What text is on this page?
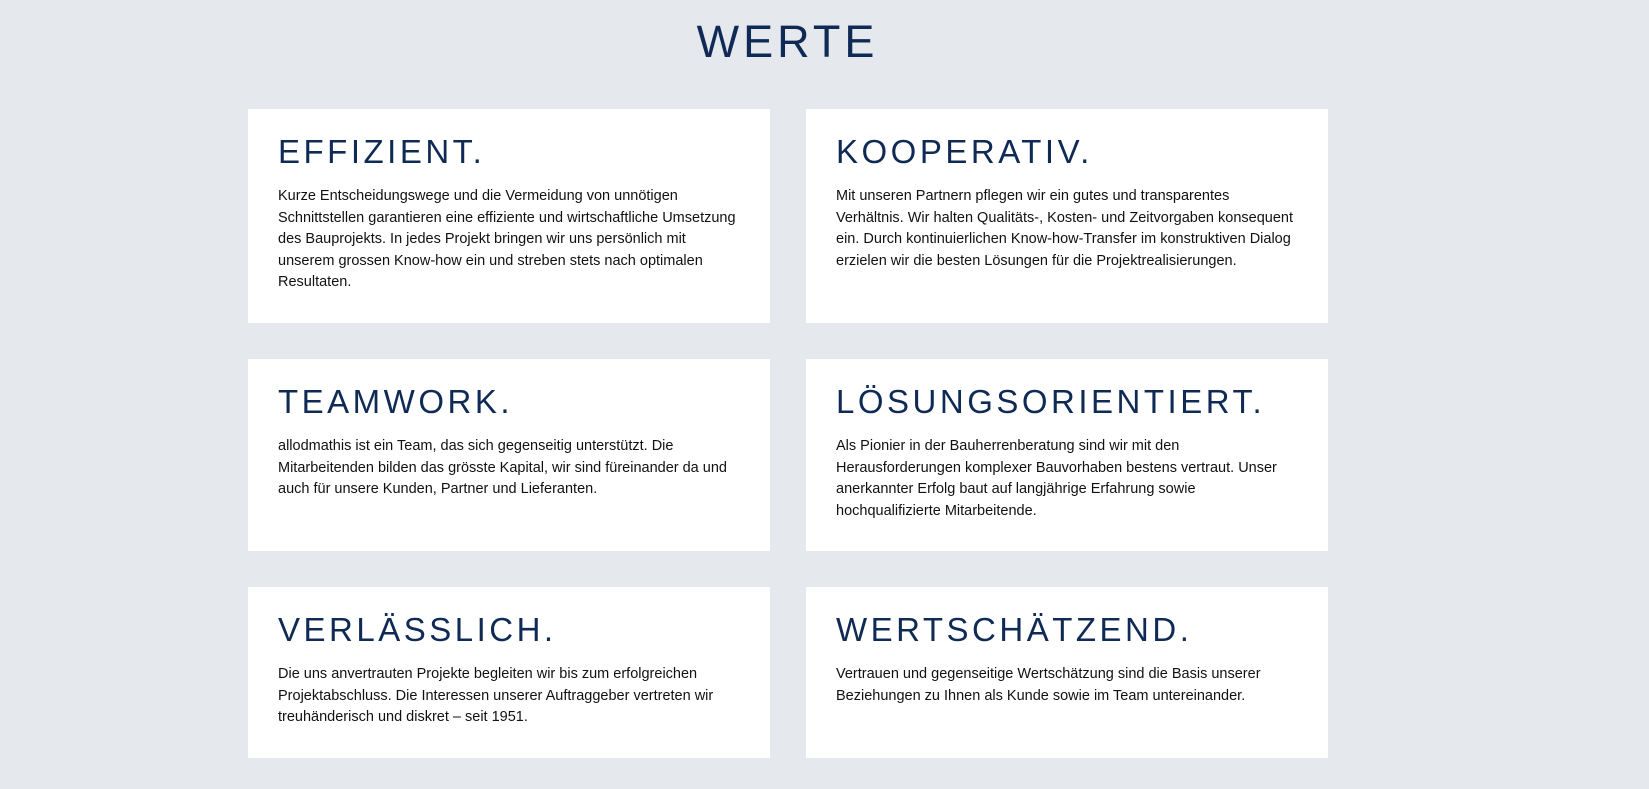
WERTE
EFFIZIENT.

Kurze Entscheidungswege und die Vermeidung von unnötigen Schnittstellen garantieren eine effiziente und wirtschaftliche Umsetzung des Bauprojekts. In jedes Projekt bringen wir uns persönlich mit unserem grossen Know-how ein und streben stets nach optimalen Resultaten.

KOOPERATIV.

Mit unseren Partnern pflegen wir ein gutes und transparentes Verhältnis. Wir halten Qualitäts-, Kosten- und Zeitvorgaben konsequent ein. Durch kontinuierlichen Know-how-Transfer im konstruktiven Dialog erzielen wir die besten Lösungen für die Projektrealisierungen.

TEAMWORK.

allodmathis ist ein Team, das sich gegenseitig unterstützt. Die Mitarbeitenden bilden das grösste Kapital, wir sind füreinander da und auch für unsere Kunden, Partner und Lieferanten.

LÖSUNGSORIENTIERT.

Als Pionier in der Bauherrenberatung sind wir mit den Herausforderungen komplexer Bauvorhaben bestens vertraut. Unser anerkannter Erfolg baut auf langjährige Erfahrung sowie hochqualifizierte Mitarbeitende.

VERLÄSSLICH.

Die uns anvertrauten Projekte begleiten wir bis zum erfolgreichen Projektabschluss. Die Interessen unserer Auftraggeber vertreten wir treuhänderisch und diskret – seit 1951.

WERTSCHÄTZEND.

Vertrauen und gegenseitige Wertschätzung sind die Basis unserer Beziehungen zu Ihnen als Kunde sowie im Team untereinander.
